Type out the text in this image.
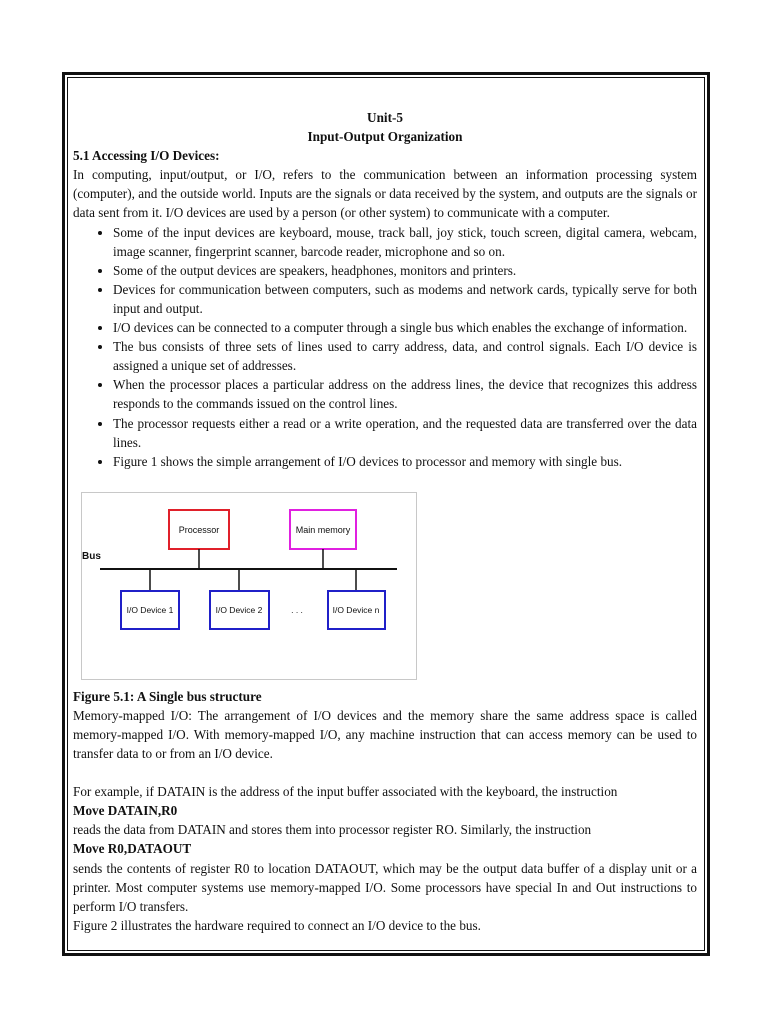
Unit-5
Input-Output Organization
5.1 Accessing I/O Devices:
In computing, input/output, or I/O, refers to the communication between an information processing system (computer), and the outside world. Inputs are the signals or data received by the system, and outputs are the signals or data sent from it. I/O devices are used by a person (or other system) to communicate with a computer.
• Some of the input devices are keyboard, mouse, track ball, joy stick, touch screen, digital camera, webcam, image scanner, fingerprint scanner, barcode reader, microphone and so on.
• Some of the output devices are speakers, headphones, monitors and printers.
• Devices for communication between computers, such as modems and network cards, typically serve for both input and output.
• I/O devices can be connected to a computer through a single bus which enables the exchange of information.
• The bus consists of three sets of lines used to carry address, data, and control signals. Each I/O device is assigned a unique set of addresses.
• When the processor places a particular address on the address lines, the device that recognizes this address responds to the commands issued on the control lines.
• The processor requests either a read or a write operation, and the requested data are transferred over the data lines.
• Figure 1 shows the simple arrangement of I/O devices to processor and memory with single bus.
Processor	Main memory
Bus
I/O Device 1	I/O Device 2	. . .	I/O Device n
Figure 5.1: A Single bus structure
Memory-mapped I/O: The arrangement of I/O devices and the memory share the same address space is called memory-mapped I/O. With memory-mapped I/O, any machine instruction that can access memory can be used to transfer data to or from an I/O device.
For example, if DATAIN is the address of the input buffer associated with the keyboard, the instruction
Move DATAIN,R0
reads the data from DATAIN and stores them into processor register RO. Similarly, the instruction
Move R0,DATAOUT
sends the contents of register R0 to location DATAOUT, which may be the output data buffer of a display unit or a printer. Most computer systems use memory-mapped I/O. Some processors have special In and Out instructions to perform I/O transfers.
Figure 2 illustrates the hardware required to connect an I/O device to the bus.
